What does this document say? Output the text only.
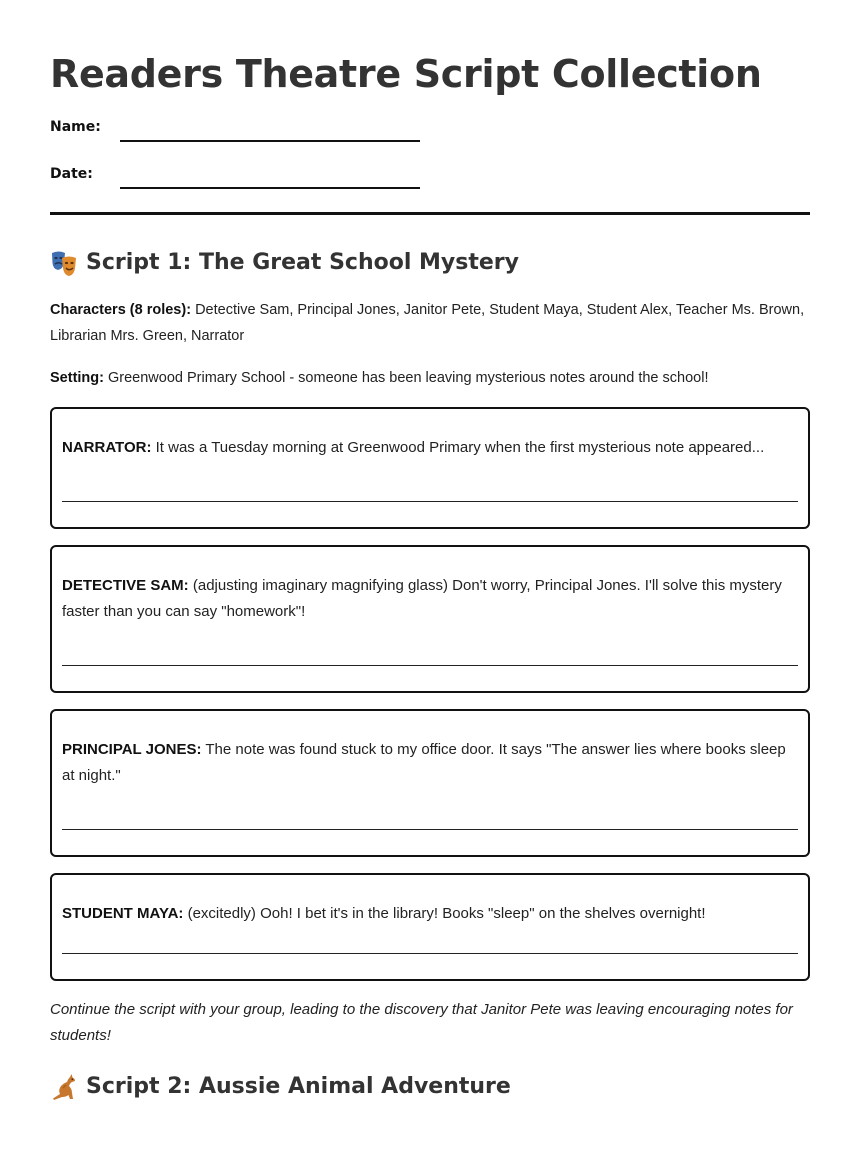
Readers Theatre Script Collection
Name:
Date:
Script 1: The Great School Mystery

Characters (8 roles): Detective Sam, Principal Jones, Janitor Pete, Student Maya, Student Alex, Teacher Ms. Brown, Librarian Mrs. Green, Narrator

Setting: Greenwood Primary School - someone has been leaving mysterious notes around the school!

NARRATOR: It was a Tuesday morning at Greenwood Primary when the first mysterious note appeared...
DETECTIVE SAM: (adjusting imaginary magnifying glass) Don't worry, Principal Jones. I'll solve this mystery faster than you can say "homework"!
PRINCIPAL JONES: The note was found stuck to my office door. It says "The answer lies where books sleep at night."
STUDENT MAYA: (excitedly) Ooh! I bet it's in the library! Books "sleep" on the shelves overnight!

Continue the script with your group, leading to the discovery that Janitor Pete was leaving encouraging notes for students!

Script 2: Aussie Animal Adventure
